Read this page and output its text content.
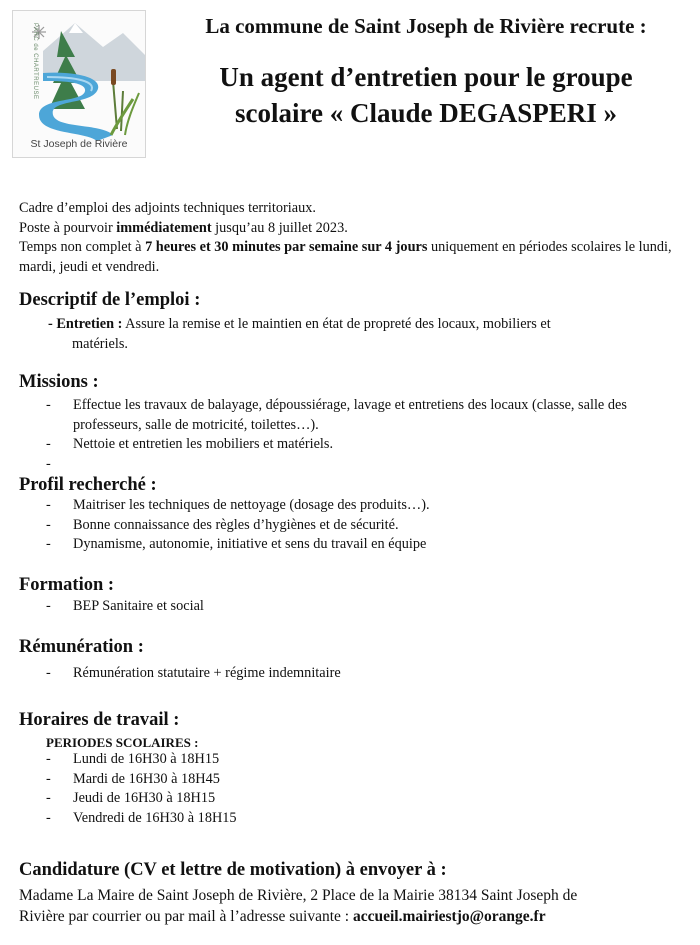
PARC de CHARTREUSE
St Joseph de Rivière
La commune de Saint Joseph de Rivière recrute :
Un agent d’entretien pour le groupe
scolaire « Claude DEGASPERI »

Cadre d’emploi des adjoints techniques territoriaux.

Poste à pourvoir immédiatement jusqu’au 8 juillet 2023.

Temps non complet à 7 heures et 30 minutes par semaine sur 4 jours uniquement en périodes scolaires le lundi, mardi, jeudi et vendredi.

Descriptif de l’emploi :
- Entretien : Assure la remise et le maintien en état de propreté des locaux, mobiliers et
matériels.
Missions :
- Effectue les travaux de balayage, dépoussiérage, lavage et entretiens des locaux (classe, salle des professeurs, salle de motricité, toilettes…).
- Nettoie et entretien les mobiliers et matériels.
-
Profil recherché :
- Maitriser les techniques de nettoyage (dosage des produits…).
- Bonne connaissance des règles d’hygiènes et de sécurité.
- Dynamisme, autonomie, initiative et sens du travail en équipe
Formation :
- BEP Sanitaire et social
Rémunération :
- Rémunération statutaire + régime indemnitaire
Horaires de travail :
PERIODES SCOLAIRES :
- Lundi de 16H30 à 18H15
- Mardi de 16H30 à 18H45
- Jeudi de 16H30 à 18H15
- Vendredi de 16H30 à 18H15
Candidature (CV et lettre de motivation) à envoyer à :

Madame La Maire de Saint Joseph de Rivière, 2 Place de la Mairie 38134 Saint Joseph de

Rivière par courrier ou par mail à l’adresse suivante : accueil.mairiestjo@orange.fr
